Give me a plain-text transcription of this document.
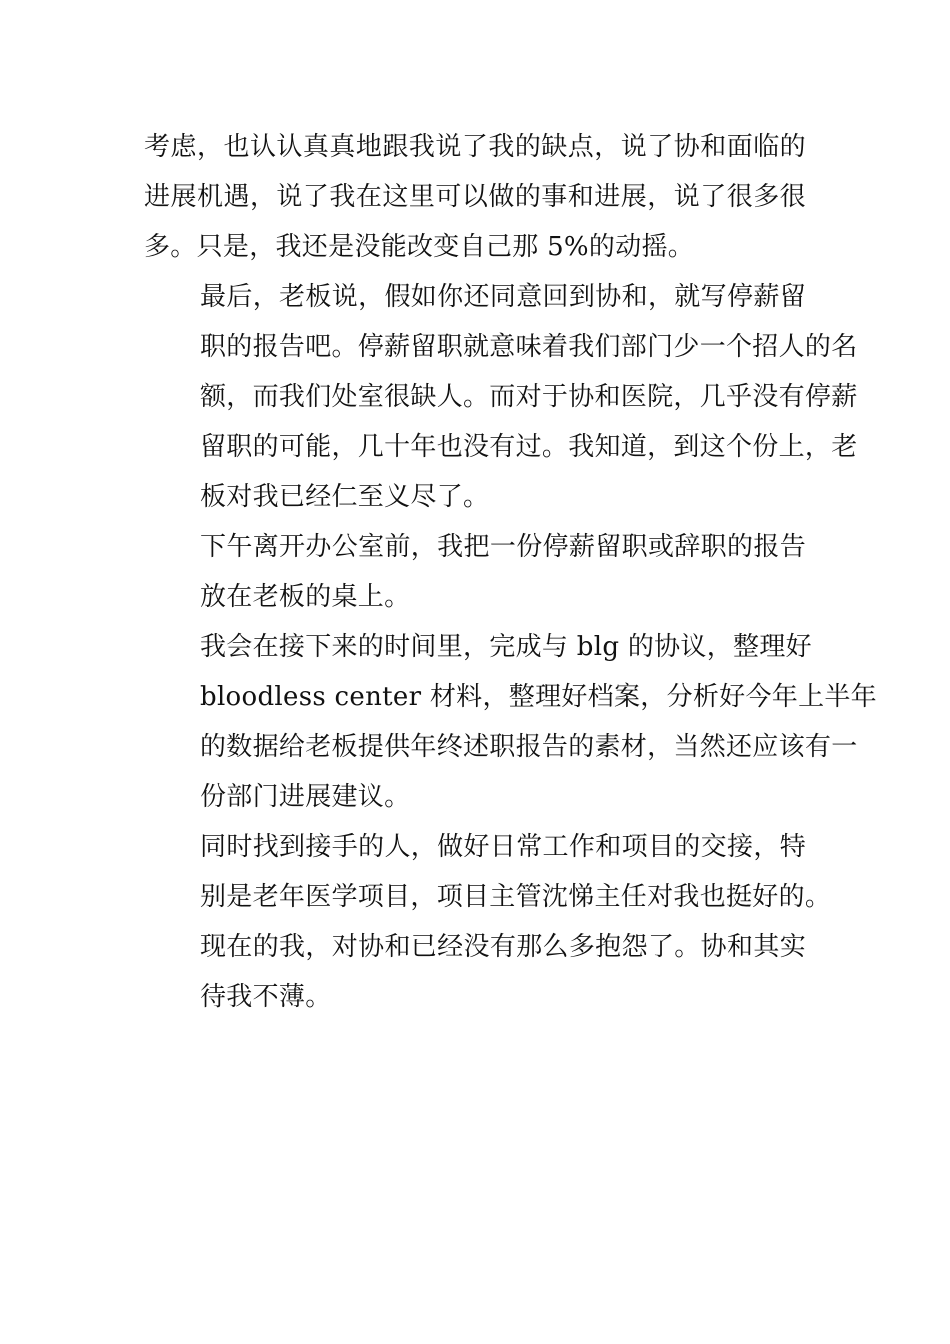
考虑，也认认真真地跟我说了我的缺点，说了协和面临的
进展机遇，说了我在这里可以做的事和进展，说了很多很
多。只是，我还是没能改变自己那 5%的动摇。

最后，老板说，假如你还同意回到协和，就写停薪留
职的报告吧。停薪留职就意味着我们部门少一个招人的名
额，而我们处室很缺人。而对于协和医院，几乎没有停薪
留职的可能，几十年也没有过。我知道，到这个份上，老
板对我已经仁至义尽了。

下午离开办公室前，我把一份停薪留职或辞职的报告
放在老板的桌上。

我会在接下来的时间里，完成与 blg 的协议，整理好
bloodless center 材料，整理好档案，分析好今年上半年
的数据给老板提供年终述职报告的素材，当然还应该有一
份部门进展建议。

同时找到接手的人，做好日常工作和项目的交接，特
别是老年医学项目，项目主管沈悌主任对我也挺好的。

现在的我，对协和已经没有那么多抱怨了。协和其实
待我不薄。
